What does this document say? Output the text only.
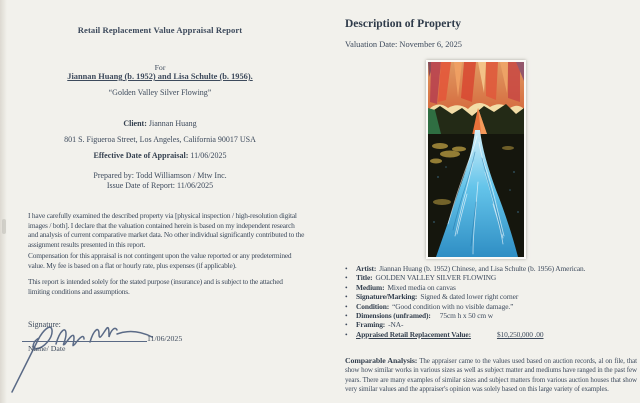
Retail Replacement Value Appraisal Report
For
Jiannan Huang (b. 1952) and Lisa Schulte (b. 1956).
“Golden Valley Silver Flowing”
Client: Jiannan Huang
801 S. Figueroa Street, Los Angeles, California 90017 USA
Effective Date of Appraisal: 11/06/2025
Prepared by: Todd Williamson / Mtw Inc.
Issue Date of Report: 11/06/2025
I have carefully examined the described property via [physical inspection / high-resolution digital images / both]. I declare that the valuation contained herein is based on my independent research and analysis of current comparative market data. No other individual significantly contributed to the assignment results presented in this report.
Compensation for this appraisal is not contingent upon the value reported or any predetermined value. My fee is based on a flat or hourly rate, plus expenses (if applicable).
This report is intended solely for the stated purpose (insurance) and is subject to the attached limiting conditions and assumptions.
Signature:
11/06/2025
Name/ Date
Description of Property
Valuation Date: November 6, 2025
• Artist: Jiannan Huang (b. 1952) Chinese, and Lisa Schulte (b. 1956) American.
• Title: GOLDEN VALLEY SILVER FLOWING
• Medium: Mixed media on canvas
• Signature/Marking: Signed & dated lower right corner
• Condition: “Good condition with no visible damage.”
• Dimensions (unframed): 75cm h x 50 cm w
• Framing: -NA-
• Appraised Retail Replacement Value:	$10,250,000 .00
Comparable Analysis: The appraiser came to the values used based on auction records, al on file, that show how similar works in various sizes as well as subject matter and mediums have ranged in the past few years. There are many examples of similar sizes and subject matters from various auction houses that show very similar values and the appraiser's opinion was solely based on this large variety of examples.
